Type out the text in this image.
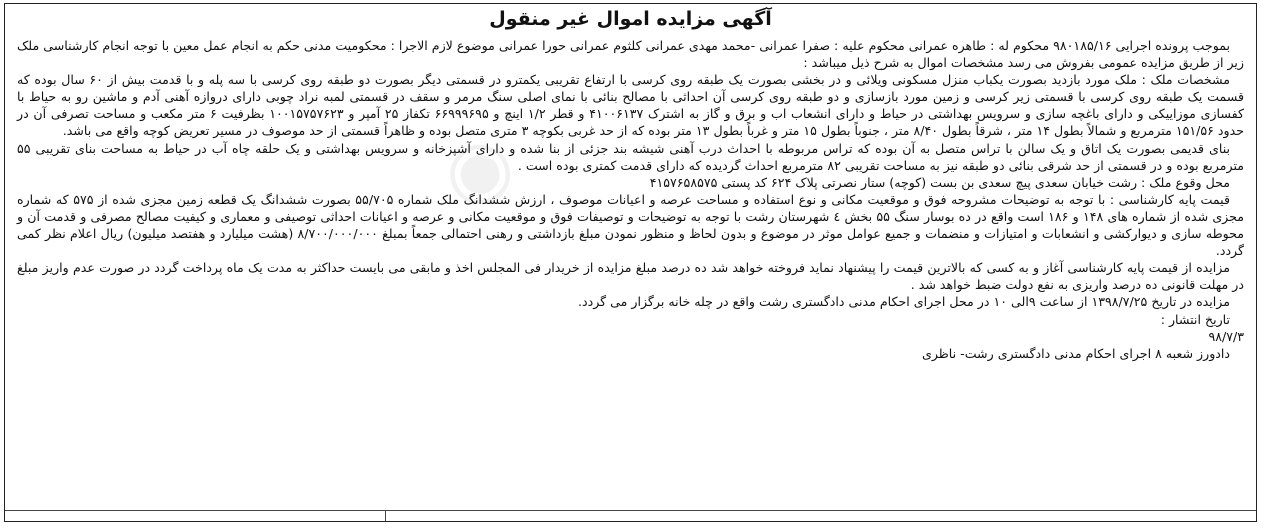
◉
آگهی مزایده اموال غیر منقول

بموجب پرونده اجرایی ۹۸۰۱۸۵/۱۶ محکوم له : طاهره عمرانی محکوم علیه : صفرا عمرانی -محمد مهدی عمرانی کلثوم عمرانی حورا عمرانی موضوع لازم الاجرا : محکومیت مدنی حکم به انجام عمل معین با توجه انجام کارشناسی ملک زیر از طریق مزایده عمومی بفروش می رسد مشخصات اموال به شرح ذیل میباشد :

مشخصات ملک : ملک مورد بازدید بصورت یکباب منزل مسکونی ویلائی و در بخشی بصورت یک طبقه روی کرسی با ارتفاع تقریبی یکمترو در قسمتی دیگر بصورت دو طبقه روی کرسی با سه پله و با قدمت بیش از ۶۰ سال بوده که قسمت یک طبقه روی کرسی با قسمتی زیر کرسی و زمین مورد بازسازی و دو طبقه روی کرسی آن احداثی با مصالح بنائی با نمای اصلی سنگ مرمر و سقف در قسمتی لمبه نراد چوبی دارای دروازه آهنی آدم و ماشین رو به حیاط با کفسازی موزاییکی و دارای باغچه سازی و سرویس بهداشتی در حیاط و دارای انشعاب اب و برق و گاز به اشترک ۴۱۰۰۶۱۳۷ و قطر ۱/۲ اینچ و ۶۶۹۹۹۶۹۵ تکفاز ۲۵ آمپر و ۱۰۰۱۵۷۵۷۶۲۳ بظرفیت ۶ متر مکعب و مساحت تصرفی آن در حدود ۱۵۱/۵۶ مترمربع و شمالاً بطول ۱۴ متر ، شرقاً بطول ۸/۴۰ متر ، جنوباً بطول ۱۵ متر و غرباً بطول ۱۳ متر بوده که از حد غربی بکوچه ۳ متری متصل بوده و ظاهراً قسمتی از حد موصوف در مسیر تعریض کوچه واقع می باشد.

بنای قدیمی بصورت یک اتاق و یک سالن با تراس متصل به آن بوده که تراس مربوطه با احداث درب آهنی شیشه بند جزئی از بنا شده و دارای آشپزخانه و سرویس بهداشتی و یک حلقه چاه آب در حیاط به مساحت بنای تقریبی ۵۵ مترمربع بوده و در قسمتی از حد شرقی بنائی دو طبقه نیز به مساحت تقریبی ۸۲ مترمربع احداث گردیده که دارای قدمت کمتری بوده است .

محل وقوع ملک : رشت خیابان سعدی پیچ سعدی بن بست (کوچه) ستار نصرتی پلاک ۶۲۴ کد پستی ۴۱۵۷۶۵۸۵۷۵

قیمت پایه کارشناسی : با توجه به توضیحات مشروحه فوق و موقعیت مکانی و نوع استفاده و مساحت عرصه و اعیانات موصوف ، ارزش ششدانگ ملک شماره ۵۵/۷۰۵ بصورت ششدانگ یک قطعه زمین مجزی شده از ۵۷۵ که شماره مجزی شده از شماره های ۱۴۸ و ۱۸۶ است واقع در ده بوسار سنگ ۵۵ بخش ٤ شهرستان رشت با توجه به توضیحات و توصیفات فوق و موقعیت مکانی و عرصه و اعیانات احداثی توصیفی و معماری و کیفیت مصالح مصرفی و قدمت آن و محوطه سازی و دیوارکشی و انشعابات و امتیازات و منضمات و جمیع عوامل موثر در موضوع و بدون لحاظ و منظور نمودن مبلغ بازداشتی و رهنی احتمالی جمعاً بمبلغ ۸/۷۰۰/۰۰۰/۰۰۰ (هشت میلیارد و هفتصد میلیون) ریال اعلام نظر کمی گردد.

مزایده از قیمت پایه کارشناسی آغاز و به کسی که بالاترین قیمت را پیشنهاد نماید فروخته خواهد شد ده درصد مبلغ مزایده از خریدار فی المجلس اخذ و مابقی می بایست حداکثر به مدت یک ماه پرداخت گردد در صورت عدم واریز مبلغ در مهلت قانونی ده درصد واریزی به نفع دولت ضبط خواهد شد .

مزایده در تاریخ ۱۳۹۸/۷/۲۵ از ساعت ۹الی ۱۰ در محل اجرای احکام مدنی دادگستری رشت واقع در چله خانه برگزار می گردد.

تاریخ انتشار :
۹۸/۷/۳

دادورز شعبه ۸ اجرای احکام مدنی دادگستری رشت- ناظری
